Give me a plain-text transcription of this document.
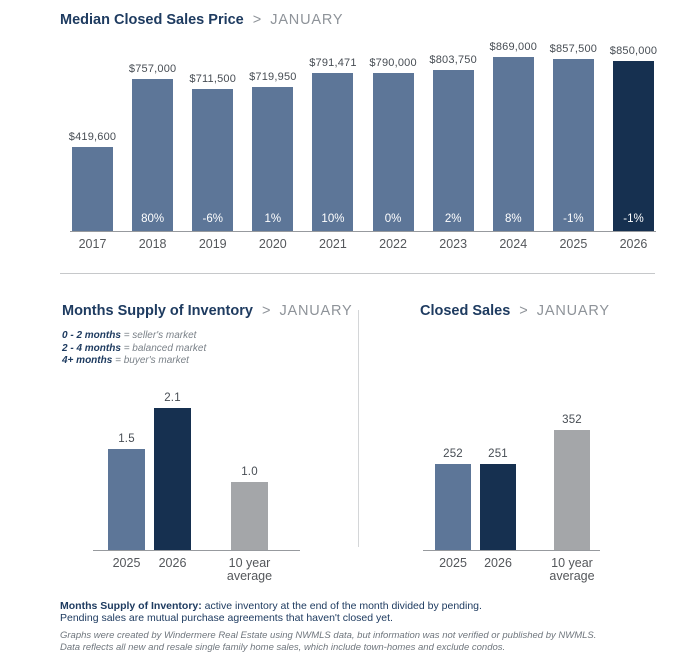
Median Closed Sales Price > JANUARY
$419,600
2017
$757,000
80%
2018
$711,500
-6%
2019
$719,950
1%
2020
$791,471
10%
2021
$790,000
0%
2022
$803,750
2%
2023
$869,000
8%
2024
$857,500
-1%
2025
$850,000
-1%
2026
Months Supply of Inventory > JANUARY
0 - 2 months = seller's market
2 - 4 months = balanced market
4+ months = buyer's market
1.5
2025
2.1
2026
1.0
10 year average
Closed Sales > JANUARY
252
2025
251
2026
352
10 year average
Months Supply of Inventory: active inventory at the end of the month divided by pending.
Pending sales are mutual purchase agreements that haven't closed yet.
Graphs were created by Windermere Real Estate using NWMLS data, but information was not verified or published by NWMLS.
Data reflects all new and resale single family home sales, which include town-homes and exclude condos.
